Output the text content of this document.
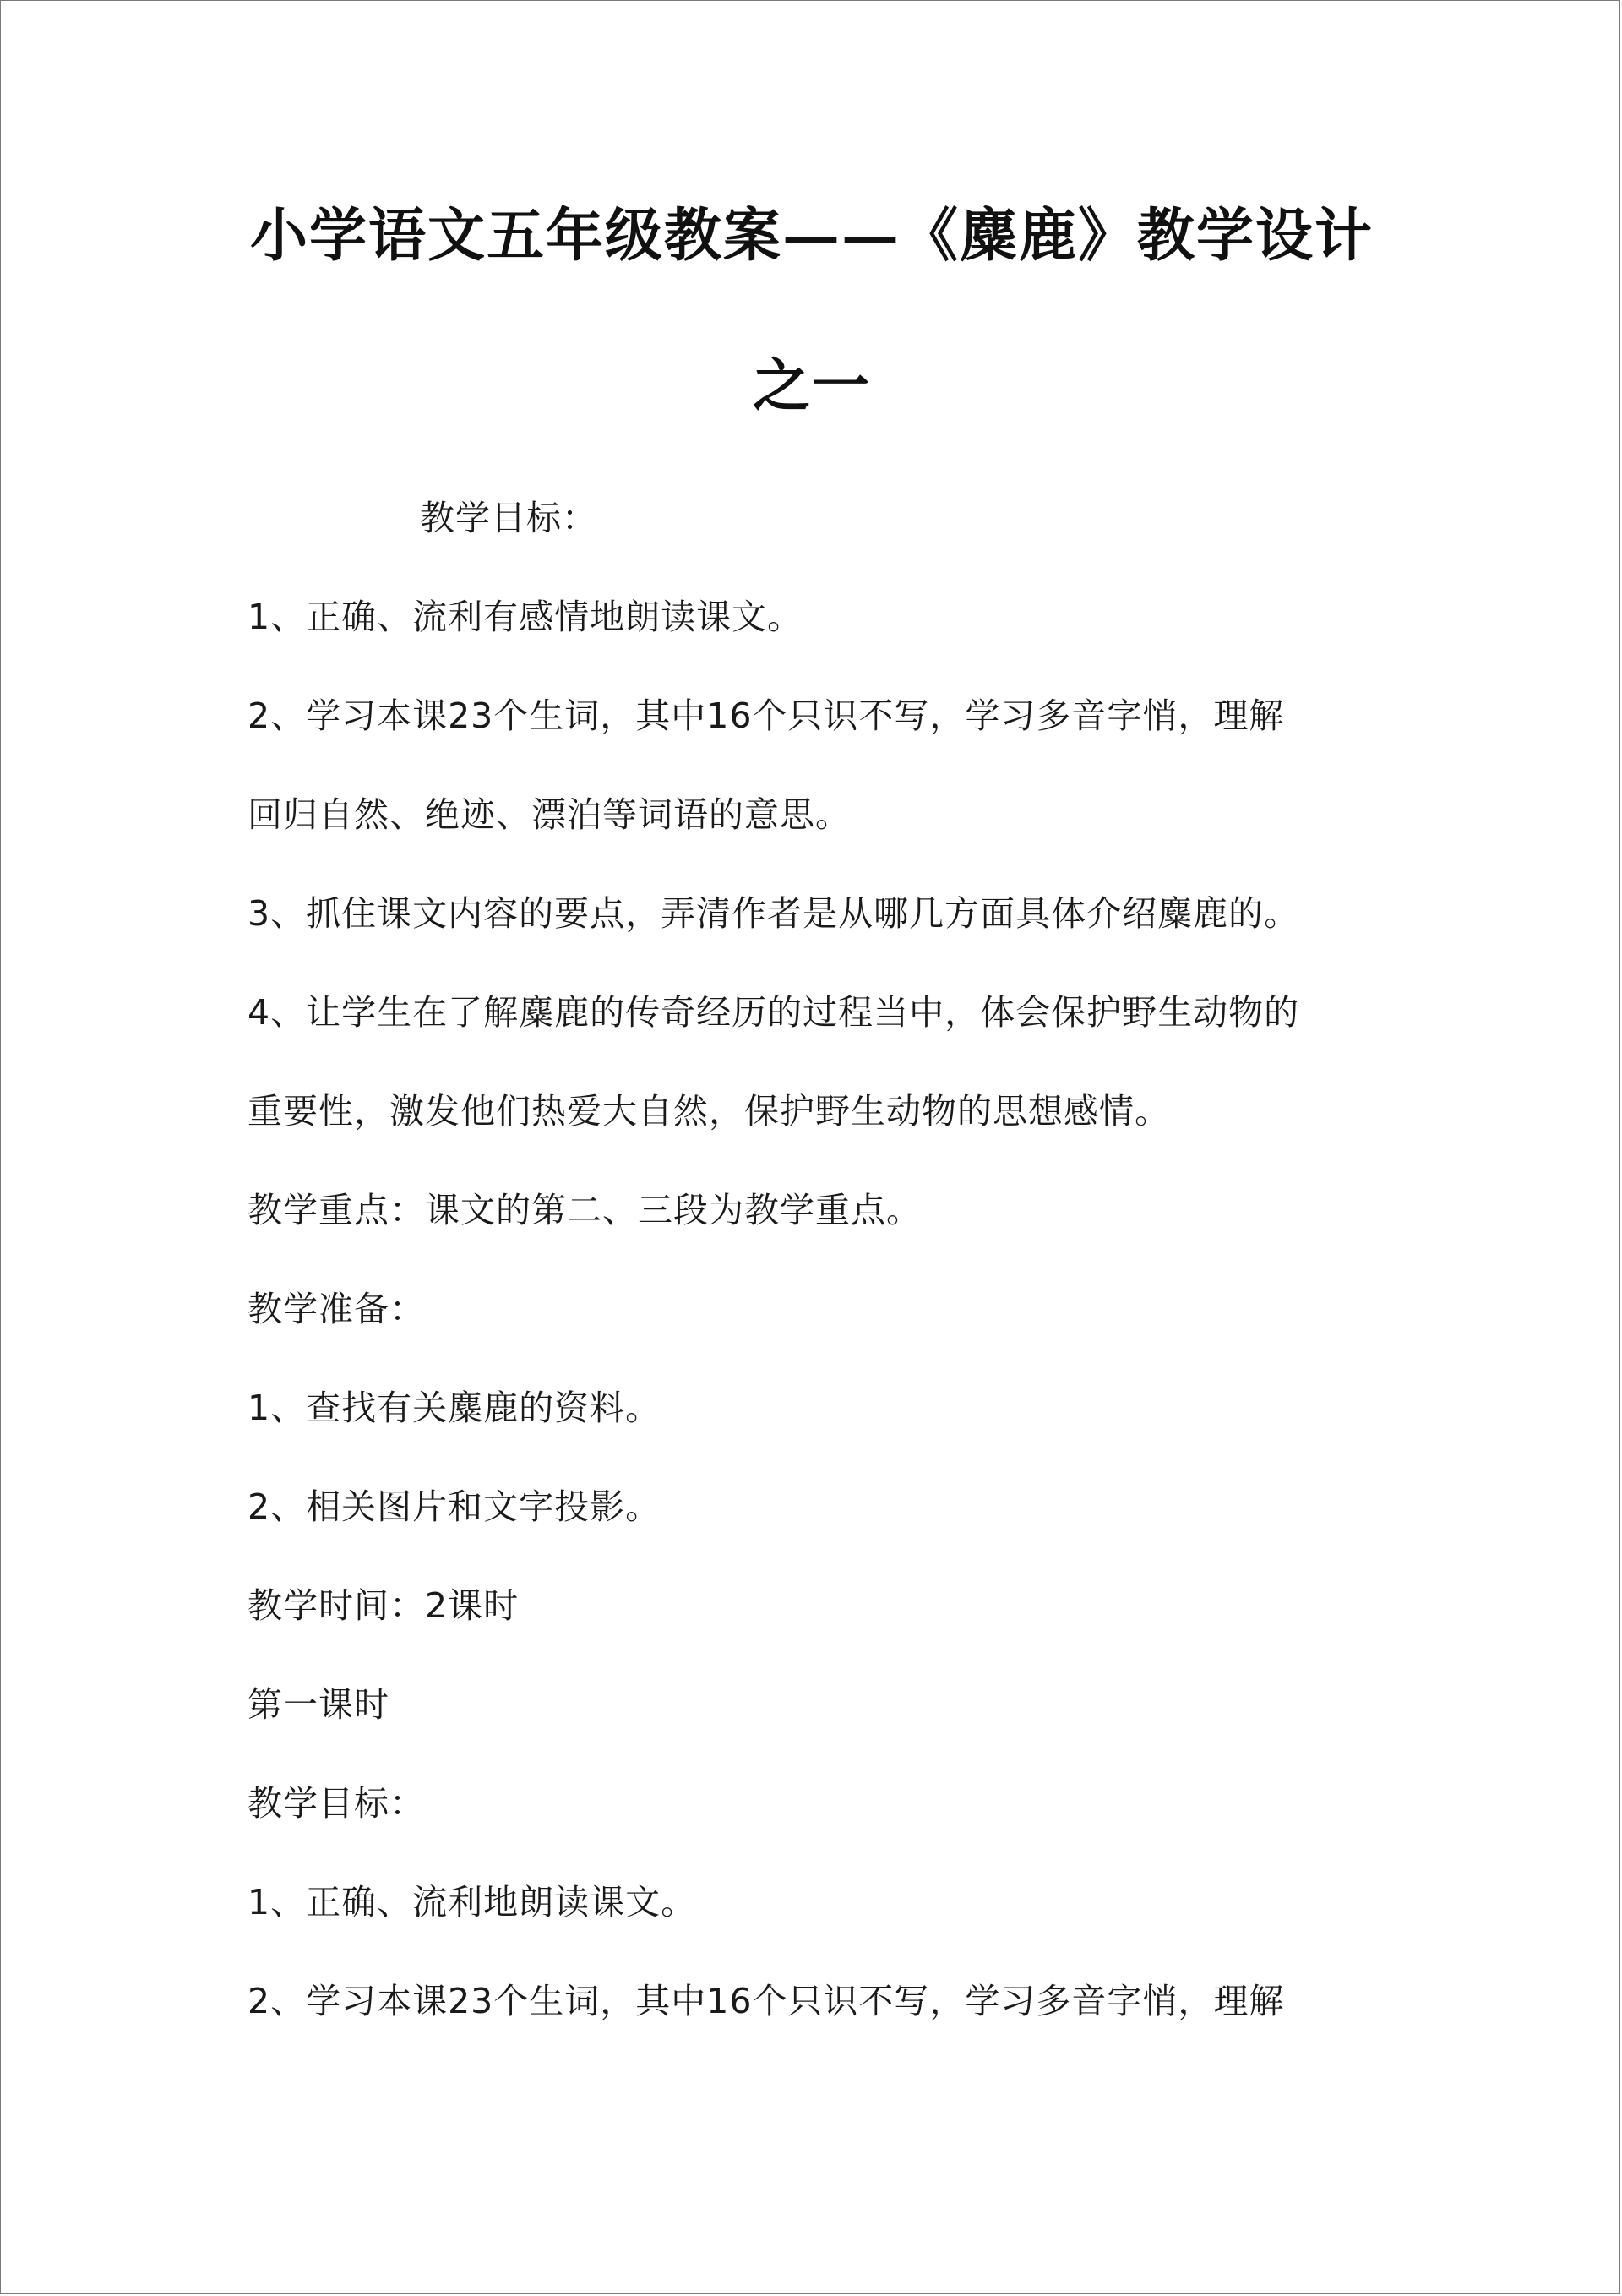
小学语文五年级教案——《麋鹿》教学设计
之一
教学目标：
1、正确、流利有感情地朗读课文。
2、学习本课23个生词，其中16个只识不写，学习多音字悄，理解
回归自然、绝迹、漂泊等词语的意思。
3、抓住课文内容的要点，弄清作者是从哪几方面具体介绍麋鹿的。
4、让学生在了解麋鹿的传奇经历的过程当中，体会保护野生动物的
重要性，激发他们热爱大自然，保护野生动物的思想感情。
教学重点：课文的第二、三段为教学重点。
教学准备：
1、查找有关麋鹿的资料。
2、相关图片和文字投影。
教学时间：2课时
第一课时
教学目标：
1、正确、流利地朗读课文。
2、学习本课23个生词，其中16个只识不写，学习多音字悄，理解
